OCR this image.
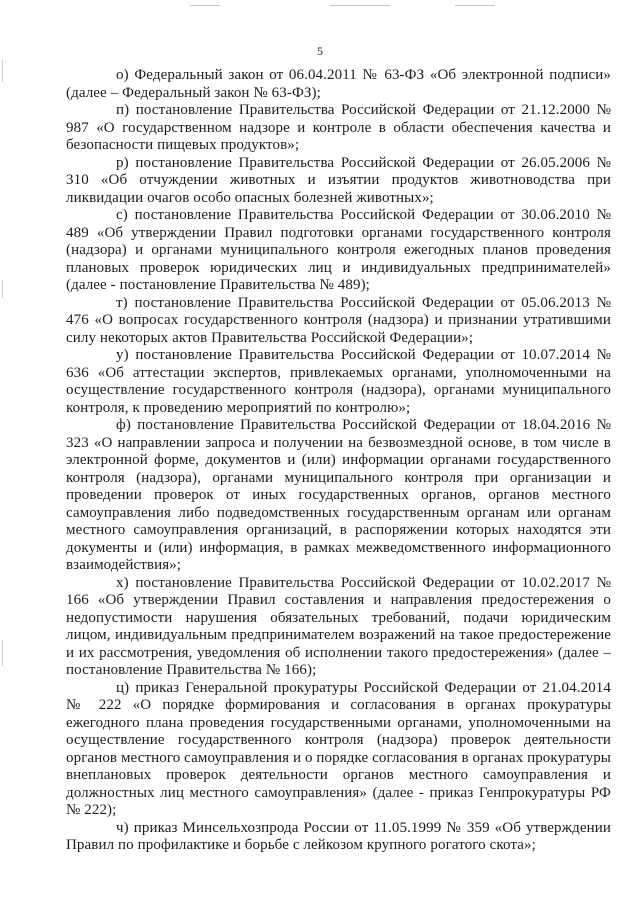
5

о) Федеральный закон от 06.04.2011 № 63-ФЗ «Об электронной подписи» (далее – Федеральный закон № 63-ФЗ);

п) постановление Правительства Российской Федерации от 21.12.2000 № 987 «О государственном надзоре и контроле в области обеспечения качества и безопасности пищевых продуктов»;

р) постановление Правительства Российской Федерации от 26.05.2006 № 310 «Об отчуждении животных и изъятии продуктов животноводства при ликвидации очагов особо опасных болезней животных»;

с) постановление Правительства Российской Федерации от 30.06.2010 № 489 «Об утверждении Правил подготовки органами государственного контроля (надзора) и органами муниципального контроля ежегодных планов проведения плановых проверок юридических лиц и индивидуальных предпринимателей» (далее - постановление Правительства № 489);

т) постановление Правительства Российской Федерации от 05.06.2013 № 476 «О вопросах государственного контроля (надзора) и признании утратившими силу некоторых актов Правительства Российской Федерации»;

у) постановление Правительства Российской Федерации от 10.07.2014 № 636 «Об аттестации экспертов, привлекаемых органами, уполномоченными на осуществление государственного контроля (надзора), органами муниципального контроля, к проведению мероприятий по контролю»;

ф) постановление Правительства Российской Федерации от 18.04.2016 № 323 «О направлении запроса и получении на безвозмездной основе, в том числе в электронной форме, документов и (или) информации органами государственного контроля (надзора), органами муниципального контроля при организации и проведении проверок от иных государственных органов, органов местного самоуправления либо подведомственных государственным органам или органам местного самоуправления организаций, в распоряжении которых находятся эти документы и (или) информация, в рамках межведомственного информационного взаимодействия»;

х) постановление Правительства Российской Федерации от 10.02.2017 № 166 «Об утверждении Правил составления и направления предостережения о недопустимости нарушения обязательных требований, подачи юридическим лицом, индивидуальным предпринимателем возражений на такое предостережение и их рассмотрения, уведомления об исполнении такого предостережения» (далее – постановление Правительства № 166);

ц) приказ Генеральной прокуратуры Российской Федерации от 21.04.2014 № 222 «О порядке формирования и согласования в органах прокуратуры ежегодного плана проведения государственными органами, уполномоченными на осуществление государственного контроля (надзора) проверок деятельности органов местного самоуправления и о порядке согласования в органах прокуратуры внеплановых проверок деятельности органов местного самоуправления и должностных лиц местного самоуправления» (далее - приказ Генпрокуратуры РФ № 222);

ч) приказ Минсельхозпрода России от 11.05.1999 № 359 «Об утверждении Правил по профилактике и борьбе с лейкозом крупного рогатого скота»;
